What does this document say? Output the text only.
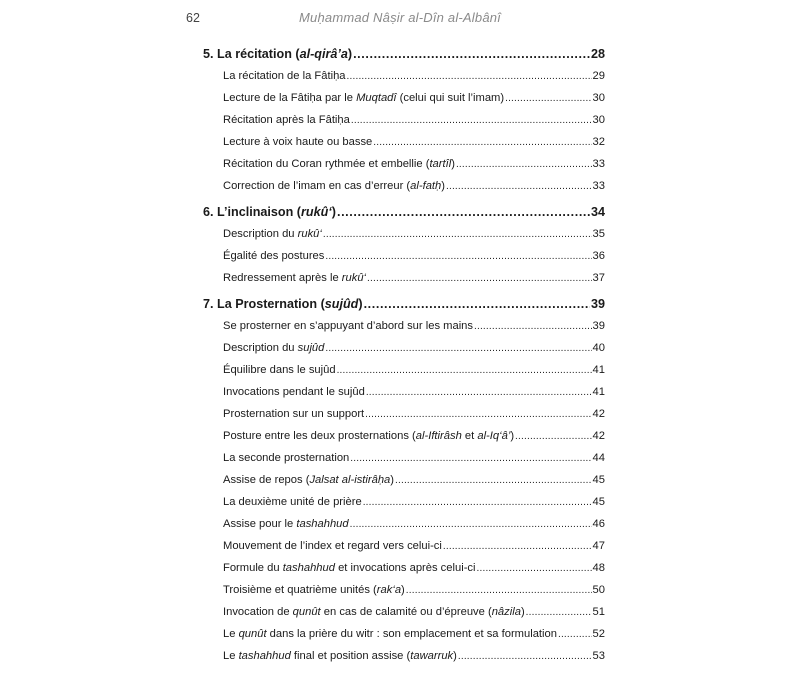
62	Muḥammad Nâṣir al-Dîn al-Albânî
5. La récitation (al-qirâ’a) .....	28
La récitation de la Fâtiḥa .....	29
Lecture de la Fâtiḥa par le Muqtadî (celui qui suit l’imam) .....	30
Récitation après la Fâtiḥa .....	30
Lecture à voix haute ou basse .....	32
Récitation du Coran rythmée et embellie (tartîl) .....	33
Correction de l’imam en cas d’erreur (al-fatḥ) .....	33
6. L’inclinaison (rukû‘) .....	34
Description du rukû‘ .....	35
Égalité des postures .....	36
Redressement après le rukû‘ .....	37
7. La Prosternation (sujûd) .....	39
Se prosterner en s’appuyant d’abord sur les mains .....	39
Description du sujûd .....	40
Équilibre dans le sujûd .....	41
Invocations pendant le sujûd .....	41
Prosternation sur un support .....	42
Posture entre les deux prosternations (al-Iftirâsh et al-Iq‘â’) .....	42
La seconde prosternation .....	44
Assise de repos (Jalsat al-istirâḥa) .....	45
La deuxième unité de prière .....	45
Assise pour le tashahhud .....	46
Mouvement de l’index et regard vers celui-ci .....	47
Formule du tashahhud et invocations après celui-ci .....	48
Troisième et quatrième unités (rak‘a) .....	50
Invocation de qunût en cas de calamité ou d’épreuve (nâzila) .....	51
Le qunût dans la prière du witr : son emplacement et sa formulation .....	52
Le tashahhud final et position assise (tawarruk) .....	53
